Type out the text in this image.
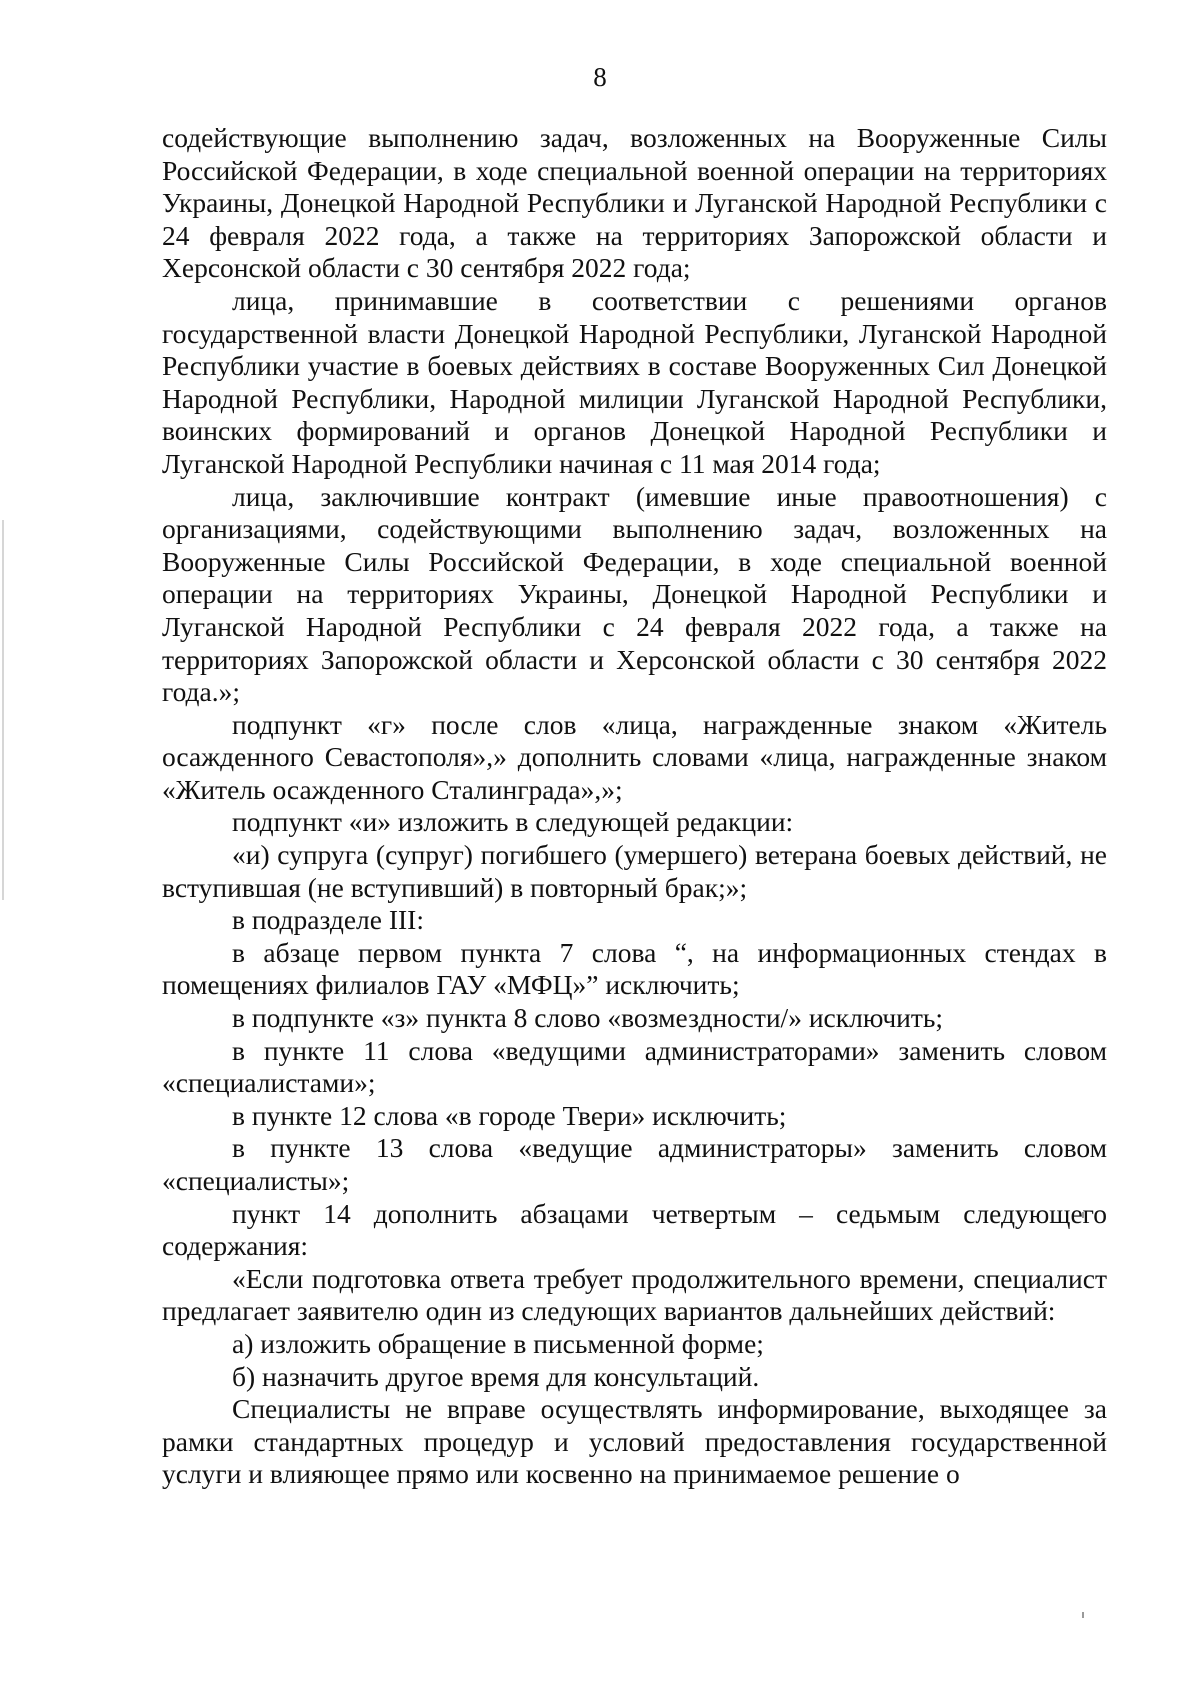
8

содействующие выполнению задач, возложенных на Вооруженные Силы Российской Федерации, в ходе специальной военной операции на территориях Украины, Донецкой Народной Республики и Луганской Народной Республики с 24 февраля 2022 года, а также на территориях Запорожской области и Херсонской области с 30 сентября 2022 года;

лица, принимавшие в соответствии с решениями органов государственной власти Донецкой Народной Республики, Луганской Народной Республики участие в боевых действиях в составе Вооруженных Сил Донецкой Народной Республики, Народной милиции Луганской Народной Республики, воинских формирований и органов Донецкой Народной Республики и Луганской Народной Республики начиная с 11 мая 2014 года;

лица, заключившие контракт (имевшие иные правоотношения) с организациями, содействующими выполнению задач, возложенных на Вооруженные Силы Российской Федерации, в ходе специальной военной операции на территориях Украины, Донецкой Народной Республики и Луганской Народной Республики с 24 февраля 2022 года, а также на территориях Запорожской области и Херсонской области с 30 сентября 2022 года.»;

подпункт «г» после слов «лица, награжденные знаком «Житель осажденного Севастополя»,» дополнить словами «лица, награжденные знаком «Житель осажденного Сталинграда»,»;

подпункт «и» изложить в следующей редакции:

«и) супруга (супруг) погибшего (умершего) ветерана боевых действий, не вступившая (не вступивший) в повторный брак;»;

в подразделе III:

в абзаце первом пункта 7 слова “, на информационных стендах в помещениях филиалов ГАУ «МФЦ»” исключить;

в подпункте «з» пункта 8 слово «возмездности/» исключить;

в пункте 11 слова «ведущими администраторами» заменить словом «специалистами»;

в пункте 12 слова «в городе Твери» исключить;

в пункте 13 слова «ведущие администраторы» заменить словом «специалисты»;

пункт 14 дополнить абзацами четвертым – седьмым следующего содержания:

«Если подготовка ответа требует продолжительного времени, специалист предлагает заявителю один из следующих вариантов дальнейших действий:

а) изложить обращение в письменной форме;

б) назначить другое время для консультаций.

Специалисты не вправе осуществлять информирование, выходящее за рамки стандартных процедур и условий предоставления государственной услуги и влияющее прямо или косвенно на принимаемое решение о
